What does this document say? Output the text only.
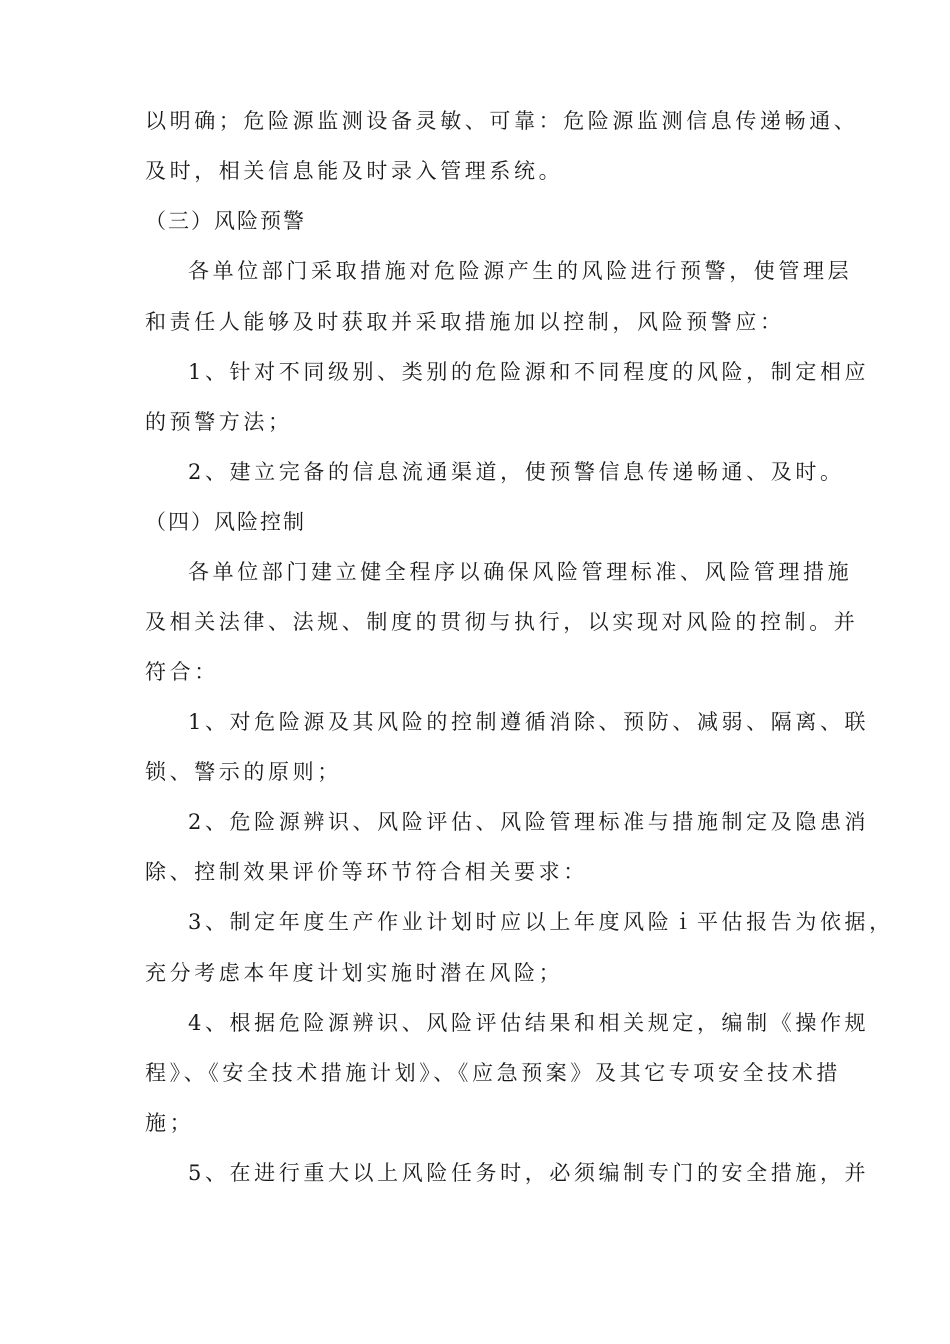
以明确；危险源监测设备灵敏、可靠：危险源监测信息传递畅通、
及时，相关信息能及时录入管理系统。
（三）风险预警
各单位部门采取措施对危险源产生的风险进行预警，使管理层
和责任人能够及时获取并采取措施加以控制，风险预警应：
1、针对不同级别、类别的危险源和不同程度的风险，制定相应
的预警方法；
2、建立完备的信息流通渠道，使预警信息传递畅通、及时。
（四）风险控制
各单位部门建立健全程序以确保风险管理标准、风险管理措施
及相关法律、法规、制度的贯彻与执行，以实现对风险的控制。并
符合：
1、对危险源及其风险的控制遵循消除、预防、减弱、隔离、联
锁、警示的原则；
2、危险源辨识、风险评估、风险管理标准与措施制定及隐患消
除、控制效果评价等环节符合相关要求：
3、制定年度生产作业计划时应以上年度风险ｉ平估报告为依据，
充分考虑本年度计划实施时潜在风险；
4、根据危险源辨识、风险评估结果和相关规定，编制《操作规
程》、《安全技术措施计划》、《应急预案》及其它专项安全技术措
施；
5、在进行重大以上风险任务时，必须编制专门的安全措施，并
